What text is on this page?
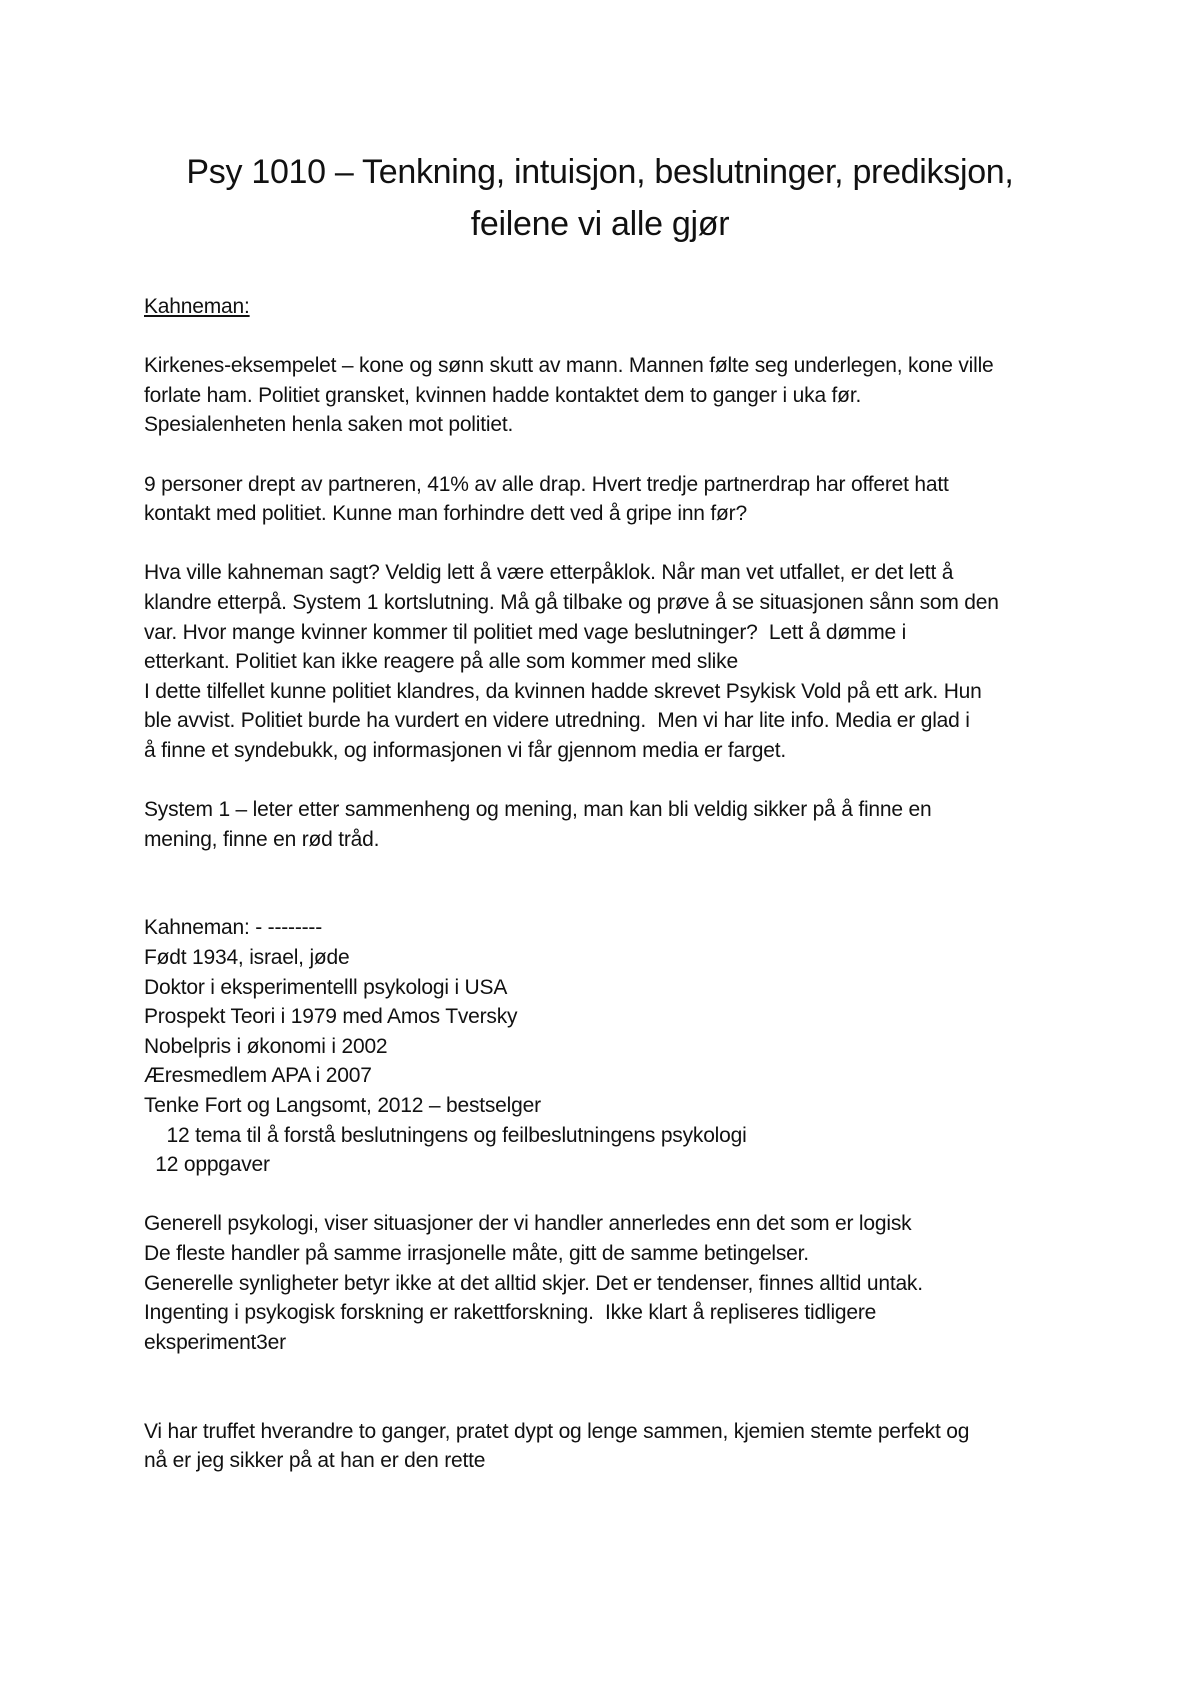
Psy 1010 – Tenkning, intuisjon, beslutninger, prediksjon,
feilene vi alle gjør
Kahneman:
Kirkenes-eksempelet – kone og sønn skutt av mann. Mannen følte seg underlegen, kone ville
forlate ham. Politiet gransket, kvinnen hadde kontaktet dem to ganger i uka før.
Spesialenheten henla saken mot politiet.
9 personer drept av partneren, 41% av alle drap. Hvert tredje partnerdrap har offeret hatt
kontakt med politiet. Kunne man forhindre dett ved å gripe inn før?
Hva ville kahneman sagt? Veldig lett å være etterpåklok. Når man vet utfallet, er det lett å
klandre etterpå. System 1 kortslutning. Må gå tilbake og prøve å se situasjonen sånn som den
var. Hvor mange kvinner kommer til politiet med vage beslutninger?  Lett å dømme i
etterkant. Politiet kan ikke reagere på alle som kommer med slike
I dette tilfellet kunne politiet klandres, da kvinnen hadde skrevet Psykisk Vold på ett ark. Hun
ble avvist. Politiet burde ha vurdert en videre utredning.  Men vi har lite info. Media er glad i
å finne et syndebukk, og informasjonen vi får gjennom media er farget.
System 1 – leter etter sammenheng og mening, man kan bli veldig sikker på å finne en
mening, finne en rød tråd.
Kahneman: - --------
Født 1934, israel, jøde
Doktor i eksperimentelll psykologi i USA
Prospekt Teori i 1979 med Amos Tversky
Nobelpris i økonomi i 2002
Æresmedlem APA i 2007
Tenke Fort og Langsomt, 2012 – bestselger
12 tema til å forstå beslutningens og feilbeslutningens psykologi
12 oppgaver
Generell psykologi, viser situasjoner der vi handler annerledes enn det som er logisk
De fleste handler på samme irrasjonelle måte, gitt de samme betingelser.
Generelle synligheter betyr ikke at det alltid skjer. Det er tendenser, finnes alltid untak.
Ingenting i psykogisk forskning er rakettforskning.  Ikke klart å repliseres tidligere
eksperiment3er
Vi har truffet hverandre to ganger, pratet dypt og lenge sammen, kjemien stemte perfekt og
nå er jeg sikker på at han er den rette
